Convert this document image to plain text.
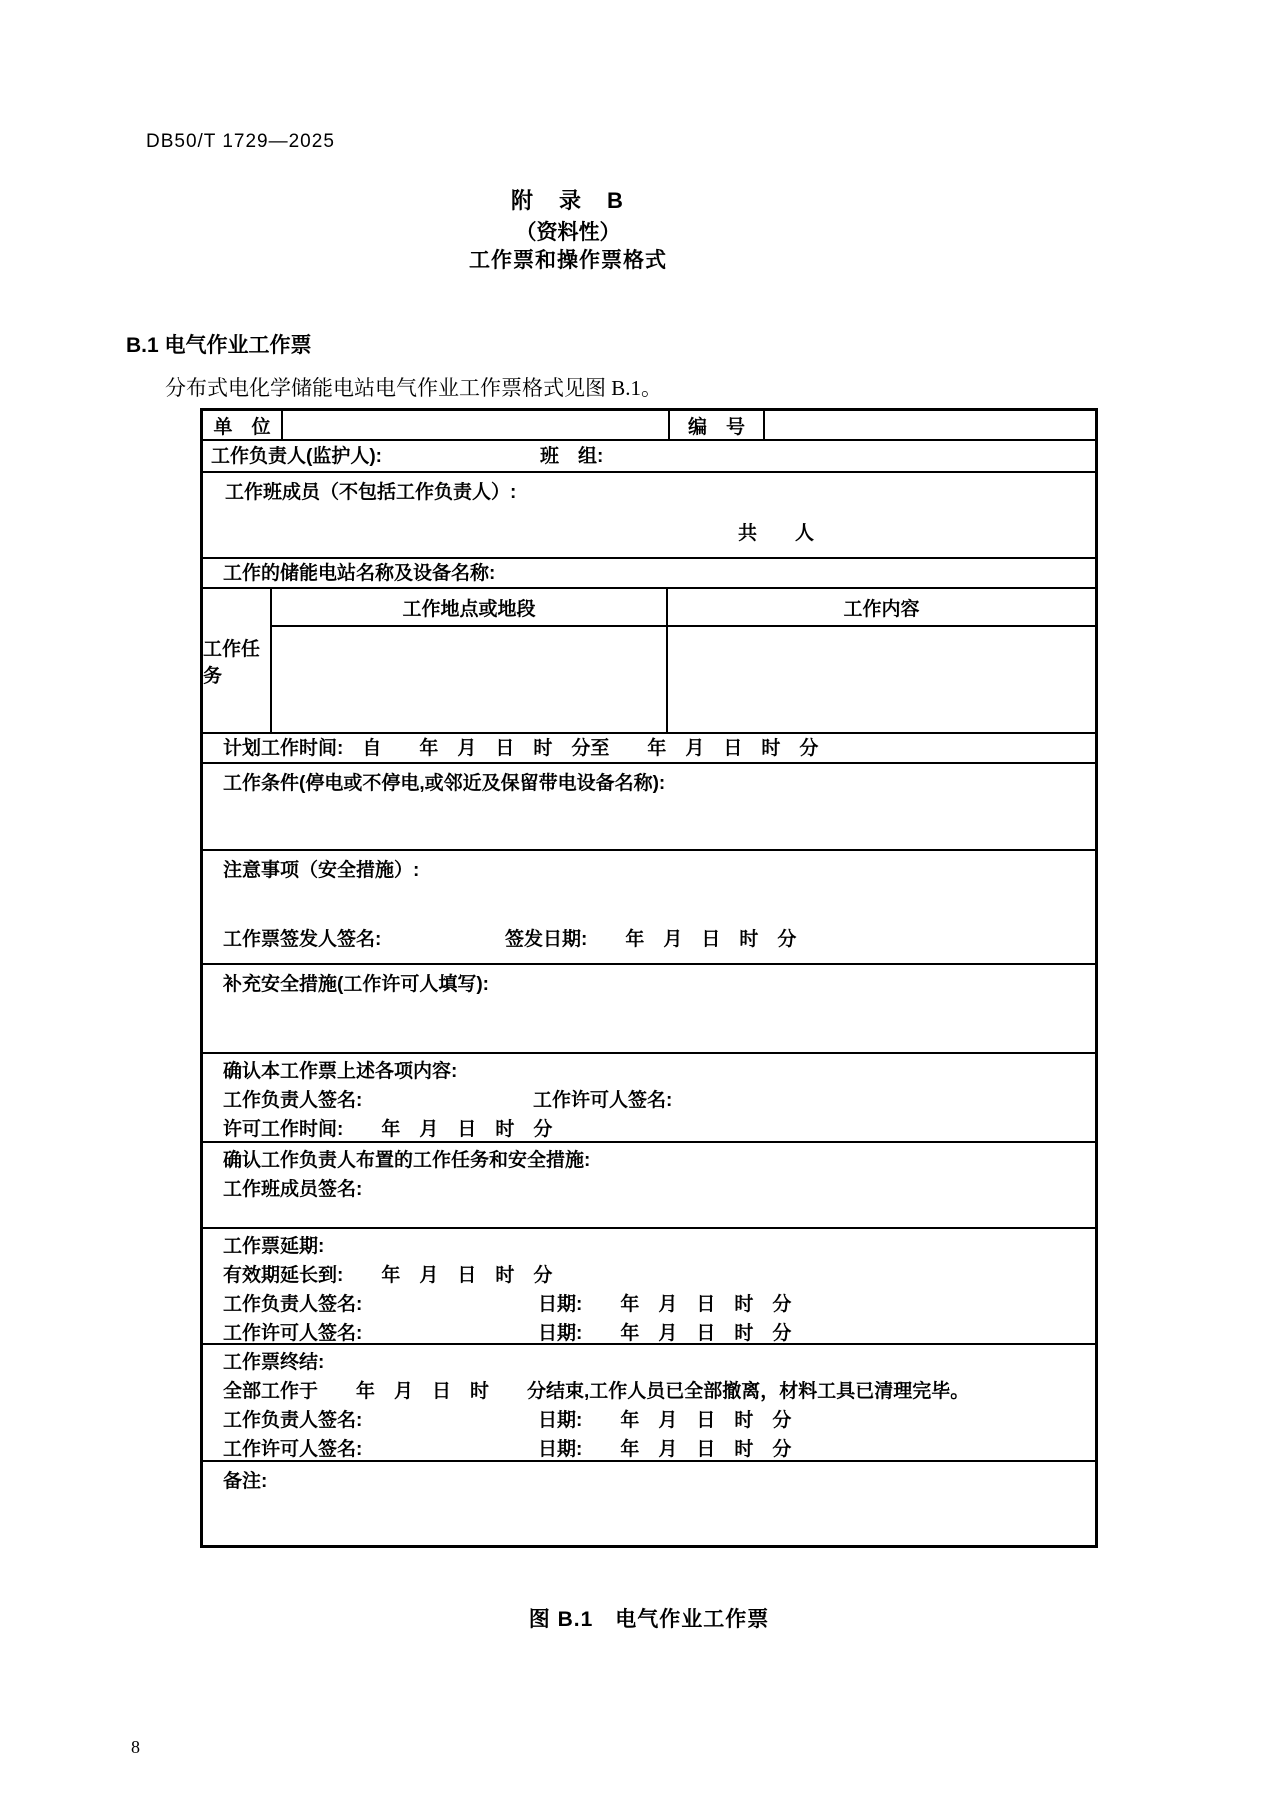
DB50/T 1729—2025
附　录　B
（资料性）
工作票和操作票格式
B.1 电气作业工作票
分布式电化学储能电站电气作业工作票格式见图 B.1。
单　位	编　号
工作负责人(监护人):	班　组:
工作班成员（不包括工作负责人）:
共　　人
工作的储能电站名称及设备名称:
工作任务
工作地点或地段	工作内容
计划工作时间:　自　　年　月　日　时　分至　　年　月　日　时　分
工作条件(停电或不停电,或邻近及保留带电设备名称):
注意事项（安全措施）:
工作票签发人签名:	签发日期:　　年　月　日　时　分
补充安全措施(工作许可人填写):
确认本工作票上述各项内容:
工作负责人签名:	工作许可人签名:
许可工作时间:　　年　月　日　时　分
确认工作负责人布置的工作任务和安全措施:
工作班成员签名:
工作票延期:
有效期延长到:　　年　月　日　时　分
工作负责人签名:	日期:　　年　月　日　时　分
工作许可人签名:	日期:　　年　月　日　时　分
工作票终结:
全部工作于　　年　月　日　时　　分结束,工作人员已全部撤离，材料工具已清理完毕。
工作负责人签名:	日期:　　年　月　日　时　分
工作许可人签名:	日期:　　年　月　日　时　分
备注:
图 B.1　电气作业工作票
8
